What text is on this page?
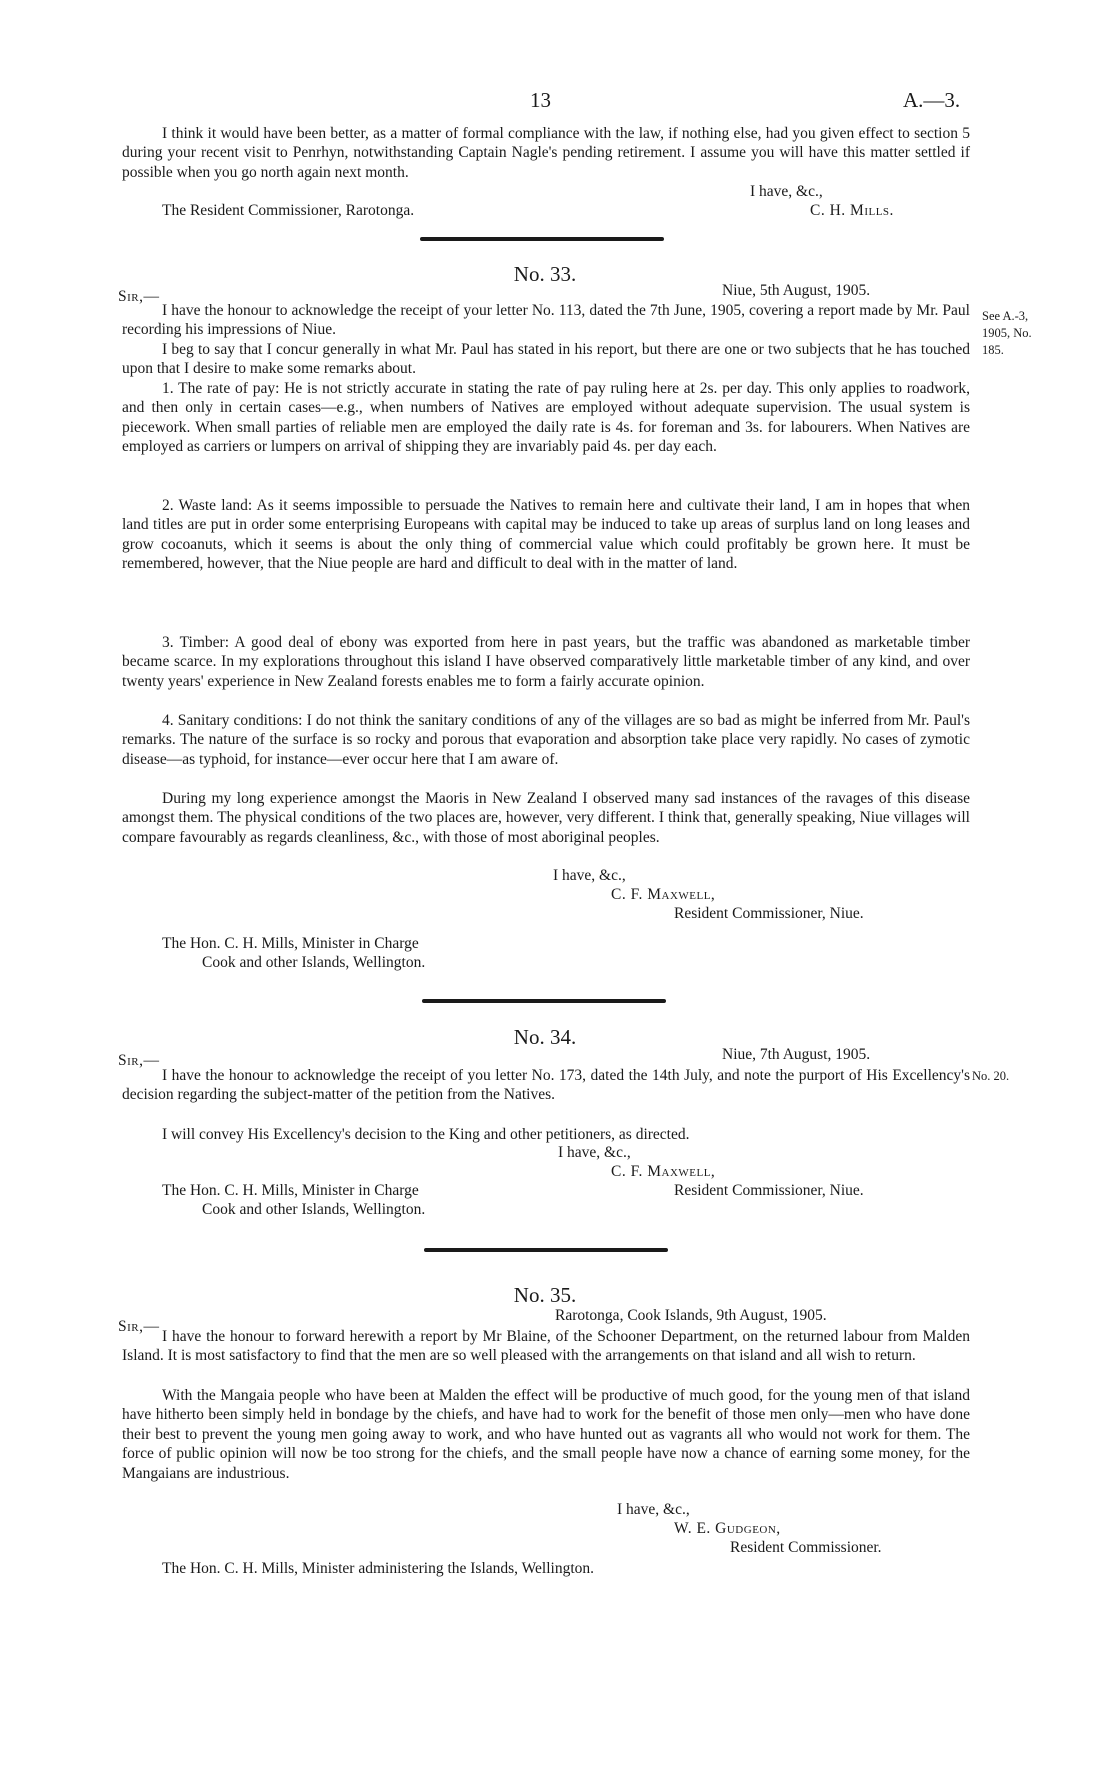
13	A.—3.

I think it would have been better, as a matter of formal compliance with the law, if nothing else, had you given effect to section 5 during your recent visit to Penrhyn, notwithstanding Captain Nagle's pending retirement. I assume you will have this matter settled if possible when you go north again next month.

I have, &c.,
The Resident Commissioner, Rarotonga.	C. H. Mills.
No. 33.
Sir,—	Niue, 5th August, 1905.
See A.-3,
1905, No.
185.

I have the honour to acknowledge the receipt of your letter No. 113, dated the 7th June, 1905, covering a report made by Mr. Paul recording his impressions of Niue.

I beg to say that I concur generally in what Mr. Paul has stated in his report, but there are one or two subjects that he has touched upon that I desire to make some remarks about.

1. The rate of pay: He is not strictly accurate in stating the rate of pay ruling here at 2s. per day. This only applies to roadwork, and then only in certain cases—e.g., when numbers of Natives are employed without adequate supervision. The usual system is piecework. When small parties of reliable men are employed the daily rate is 4s. for foreman and 3s. for labourers. When Natives are employed as carriers or lumpers on arrival of shipping they are invariably paid 4s. per day each.

2. Waste land: As it seems impossible to persuade the Natives to remain here and cultivate their land, I am in hopes that when land titles are put in order some enterprising Europeans with capital may be induced to take up areas of surplus land on long leases and grow cocoanuts, which it seems is about the only thing of commercial value which could profitably be grown here. It must be remembered, however, that the Niue people are hard and difficult to deal with in the matter of land.

3. Timber: A good deal of ebony was exported from here in past years, but the traffic was abandoned as marketable timber became scarce. In my explorations throughout this island I have observed comparatively little marketable timber of any kind, and over twenty years' experience in New Zealand forests enables me to form a fairly accurate opinion.

4. Sanitary conditions: I do not think the sanitary conditions of any of the villages are so bad as might be inferred from Mr. Paul's remarks. The nature of the surface is so rocky and porous that evaporation and absorption take place very rapidly. No cases of zymotic disease—as typhoid, for instance—ever occur here that I am aware of.

During my long experience amongst the Maoris in New Zealand I observed many sad instances of the ravages of this disease amongst them. The physical conditions of the two places are, however, very different. I think that, generally speaking, Niue villages will compare favourably as regards cleanliness, &c., with those of most aboriginal peoples.

I have, &c.,
C. F. Maxwell,
Resident Commissioner, Niue.
The Hon. C. H. Mills, Minister in Charge
Cook and other Islands, Wellington.
No. 34.
Sir,—	Niue, 7th August, 1905.
No. 20.

I have the honour to acknowledge the receipt of you letter No. 173, dated the 14th July, and note the purport of His Excellency's decision regarding the subject-matter of the petition from the Natives.

I will convey His Excellency's decision to the King and other petitioners, as directed.

I have, &c.,
C. F. Maxwell,
The Hon. C. H. Mills, Minister in Charge	Resident Commissioner, Niue.
Cook and other Islands, Wellington.
No. 35.
Sir,—
Rarotonga, Cook Islands, 9th August, 1905.

I have the honour to forward herewith a report by Mr Blaine, of the Schooner Department, on the returned labour from Malden Island. It is most satisfactory to find that the men are so well pleased with the arrangements on that island and all wish to return.

With the Mangaia people who have been at Malden the effect will be productive of much good, for the young men of that island have hitherto been simply held in bondage by the chiefs, and have had to work for the benefit of those men only—men who have done their best to prevent the young men going away to work, and who have hunted out as vagrants all who would not work for them. The force of public opinion will now be too strong for the chiefs, and the small people have now a chance of earning some money, for the Mangaians are industrious.

I have, &c.,
W. E. Gudgeon,
Resident Commissioner.
The Hon. C. H. Mills, Minister administering the Islands, Wellington.
